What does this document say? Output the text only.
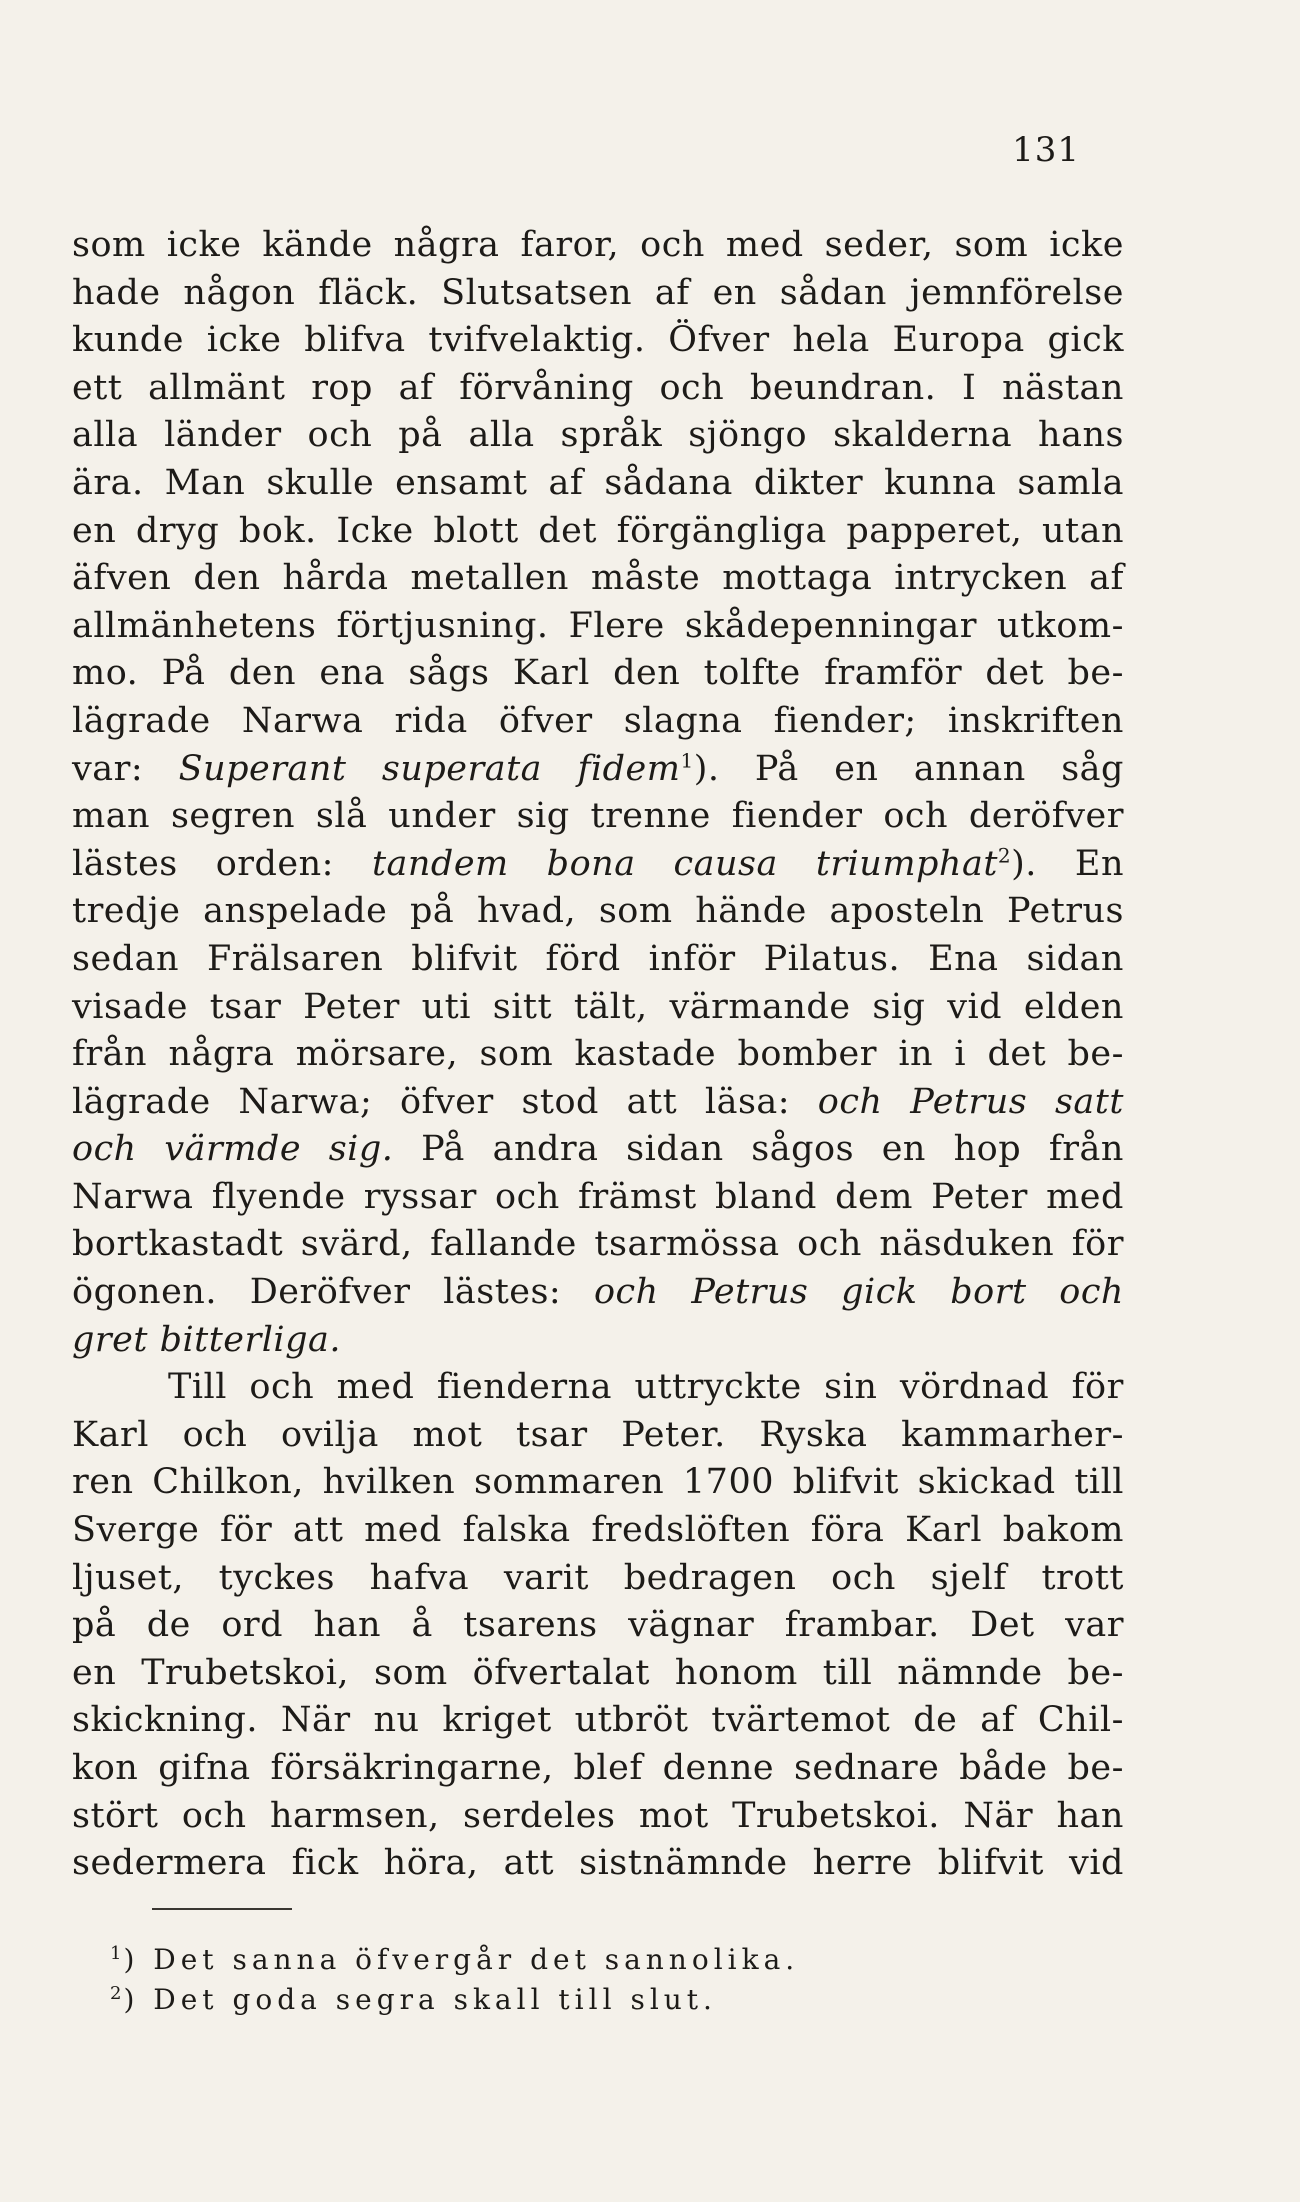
131
som icke kände några faror, och med seder, som icke
hade någon fläck. Slutsatsen af en sådan jemnförelse
kunde icke blifva tvifvelaktig. Öfver hela Europa gick
ett allmänt rop af förvåning och beundran. I nästan
alla länder och på alla språk sjöngo skalderna hans
ära. Man skulle ensamt af sådana dikter kunna samla
en dryg bok. Icke blott det förgängliga papperet, utan
äfven den hårda metallen måste mottaga intrycken af
allmänhetens förtjusning. Flere skådepenningar utkom-
mo. På den ena sågs Karl den tolfte framför det be-
lägrade Narwa rida öfver slagna fiender; inskriften
var: Superant superata fidem$^1$). På en annan såg
man segren slå under sig trenne fiender och deröfver
lästes orden: tandem bona causa triumphat$^2$). En
tredje anspelade på hvad, som hände aposteln Petrus
sedan Frälsaren blifvit förd inför Pilatus. Ena sidan
visade tsar Peter uti sitt tält, värmande sig vid elden
från några mörsare, som kastade bomber in i det be-
lägrade Narwa; öfver stod att läsa: och Petrus satt
och värmde sig. På andra sidan sågos en hop från
Narwa flyende ryssar och främst bland dem Peter med
bortkastadt svärd, fallande tsarmössa och näsduken för
ögonen. Deröfver lästes: och Petrus gick bort och
gret
bitterliga.
Till
och
med
fienderna
uttryckte
sin
vördnad
för
Karl och ovilja mot tsar Peter. Ryska kammarher-
ren Chilkon, hvilken sommaren 1700 blifvit skickad till
Sverge för att med falska fredslöften föra Karl bakom
ljuset, tyckes hafva varit bedragen och sjelf trott
på de ord han å tsarens vägnar frambar. Det var
en Trubetskoi, som öfvertalat honom till nämnde be-
skickning. När nu kriget utbröt tvärtemot de af Chil-
kon gifna försäkringarne, blef denne sednare både be-
stört och harmsen, serdeles mot Trubetskoi. När han
sedermera fick höra, att sistnämnde herre blifvit vid
$^1$) Det sanna öfvergår det sannolika.
$^2$) Det goda segra skall till slut.
